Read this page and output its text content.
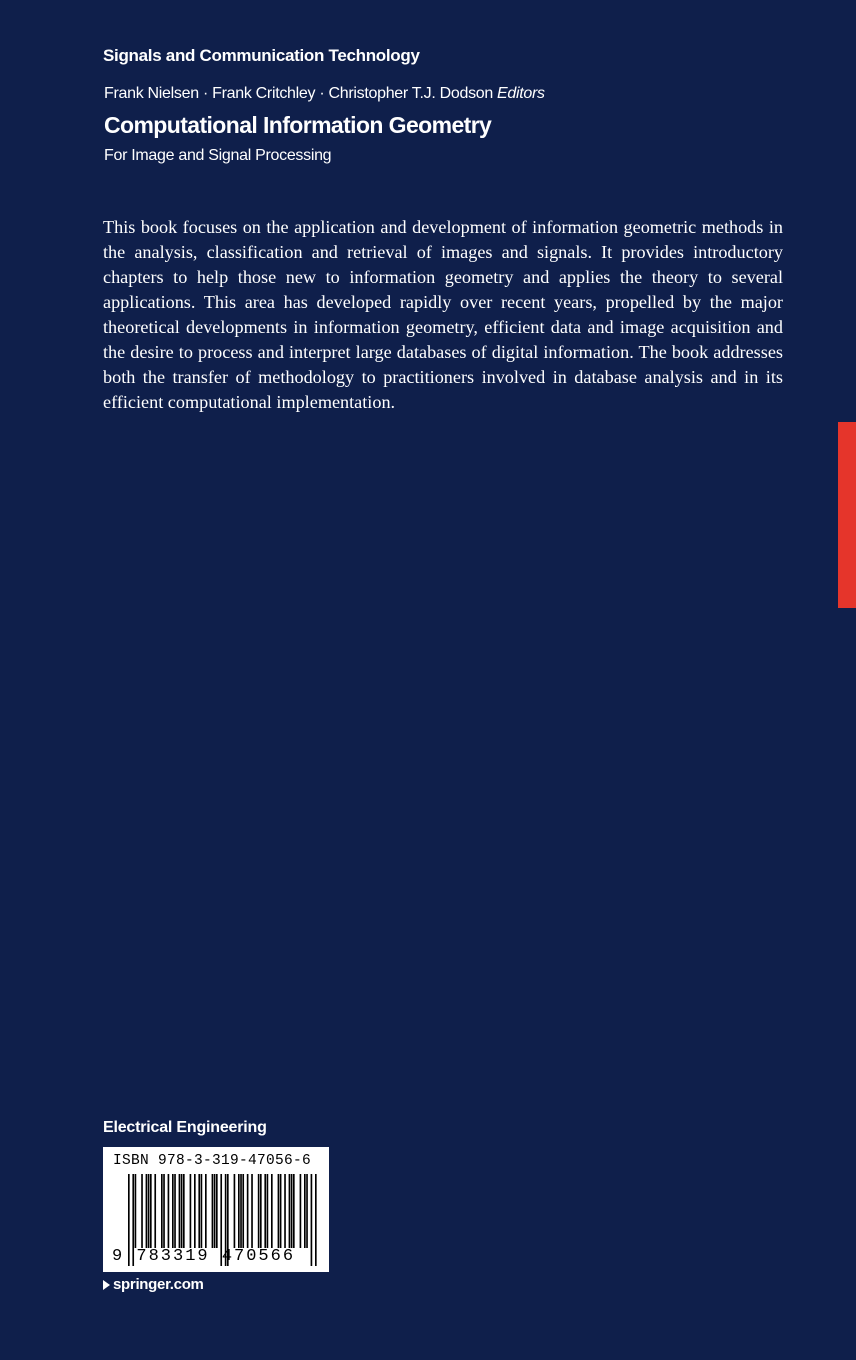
Signals and Communication Technology
Frank Nielsen · Frank Critchley · Christopher T.J. Dodson Editors
Computational Information Geometry
For Image and Signal Processing

This book focuses on the application and development of information geometric methods in the analysis, classification and retrieval of images and signals. It provides introductory chapters to help those new to information geometry and applies the theory to several applications. This area has developed rapidly over recent years, propelled by the major theoretical developments in information geometry, efficient data and image acquisition and the desire to process and interpret large databases of digital information. The book addresses both the transfer of methodology to practitioners involved in database analysis and in its efficient computational implementation.

Electrical Engineering
ISBN 978-3-319-47056-6
9 783319 470566
springer.com
